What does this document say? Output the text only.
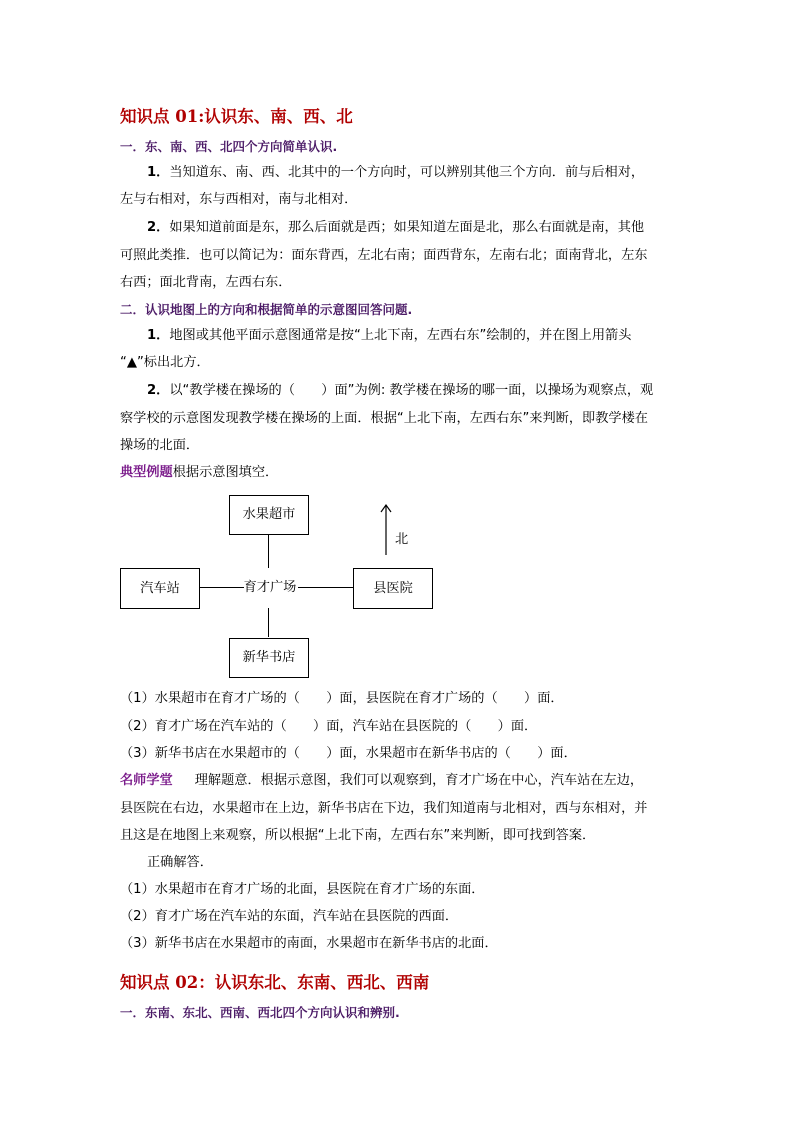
知识点 01:认识东、南、西、北
一．东、南、西、北四个方向简单认识.
1．当知道东、南、西、北其中的一个方向时，可以辨别其他三个方向．前与后相对，
左与右相对，东与西相对，南与北相对．
2．如果知道前面是东，那么后面就是西；如果知道左面是北，那么右面就是南，其他
可照此类推．也可以简记为：面东背西，左北右南；面西背东，左南右北；面南背北，左东
右西；面北背南，左西右东．
二．认识地图上的方向和根据简单的示意图回答问题.
1．地图或其他平面示意图通常是按“上北下南，左西右东”绘制的，并在图上用箭头
“▲”标出北方．
2．以“教学楼在操场的（　　）面”为例: 教学楼在操场的哪一面，以操场为观察点，观
察学校的示意图发现教学楼在操场的上面．根据“上北下南，左西右东”来判断，即教学楼在
操场的北面．
典型例题根据示意图填空．
水果超市
育才广场
汽车站	县医院
新华书店
北
（1）水果超市在育才广场的（　　）面，县医院在育才广场的（　　）面．
（2）育才广场在汽车站的（　　）面，汽车站在县医院的（　　）面．
（3）新华书店在水果超市的（　　）面，水果超市在新华书店的（　　）面．
名师学堂 理解题意．根据示意图，我们可以观察到，育才广场在中心，汽车站在左边，
县医院在右边，水果超市在上边，新华书店在下边，我们知道南与北相对，西与东相对，并
且这是在地图上来观察，所以根据“上北下南，左西右东”来判断，即可找到答案．
正确解答．
（1）水果超市在育才广场的北面，县医院在育才广场的东面．
（2）育才广场在汽车站的东面，汽车站在县医院的西面．
（3）新华书店在水果超市的南面，水果超市在新华书店的北面．
知识点 02：认识东北、东南、西北、西南
一．东南、东北、西南、西北四个方向认识和辨别.
